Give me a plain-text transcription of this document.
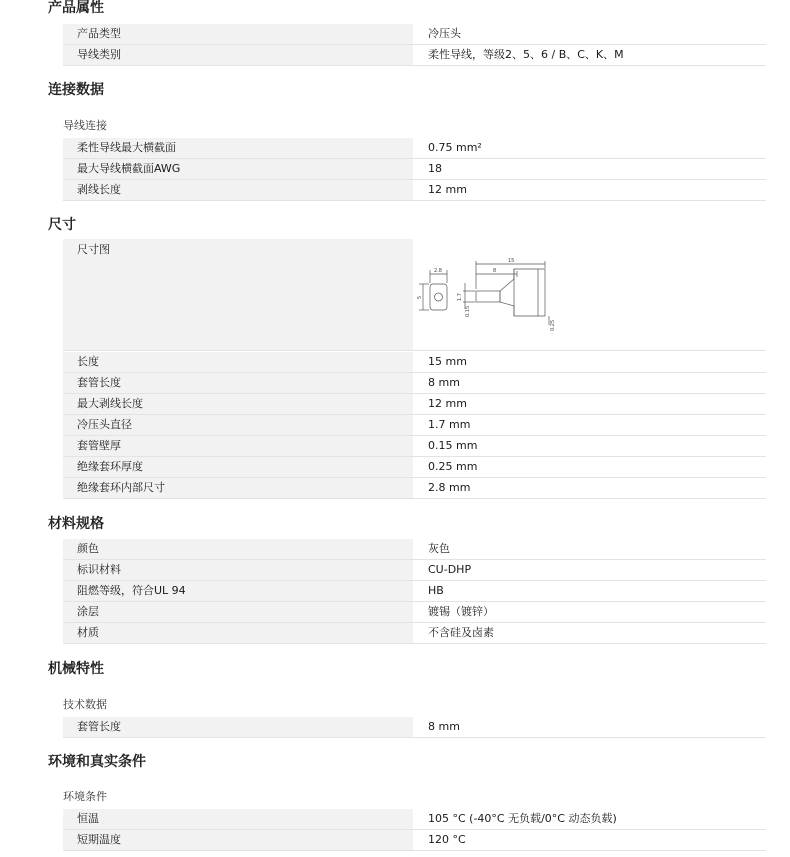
产品属性
产品类型	冷压头
导线类别	柔性导线，等级2、5、6 / B、C、K、M
连接数据
导线连接
柔性导线最大横截面	0.75 mm²
最大导线横截面AWG	18
剥线长度	12 mm
尺寸
尺寸图
2.8
15
8
5	1.7
0.15
0.25
长度	15 mm
套管长度	8 mm
最大剥线长度	12 mm
冷压头直径	1.7 mm
套管壁厚	0.15 mm
绝缘套环厚度	0.25 mm
绝缘套环内部尺寸	2.8 mm
材料规格
颜色	灰色
标识材料	CU-DHP
阻燃等级，符合UL 94	HB
涂层	镀锡（镀锌）
材质	不含硅及卤素
机械特性
技术数据
套管长度	8 mm
环境和真实条件
环境条件
恒温	105 °C (-40°C 无负载/0°C 动态负载)
短期温度	120 °C
